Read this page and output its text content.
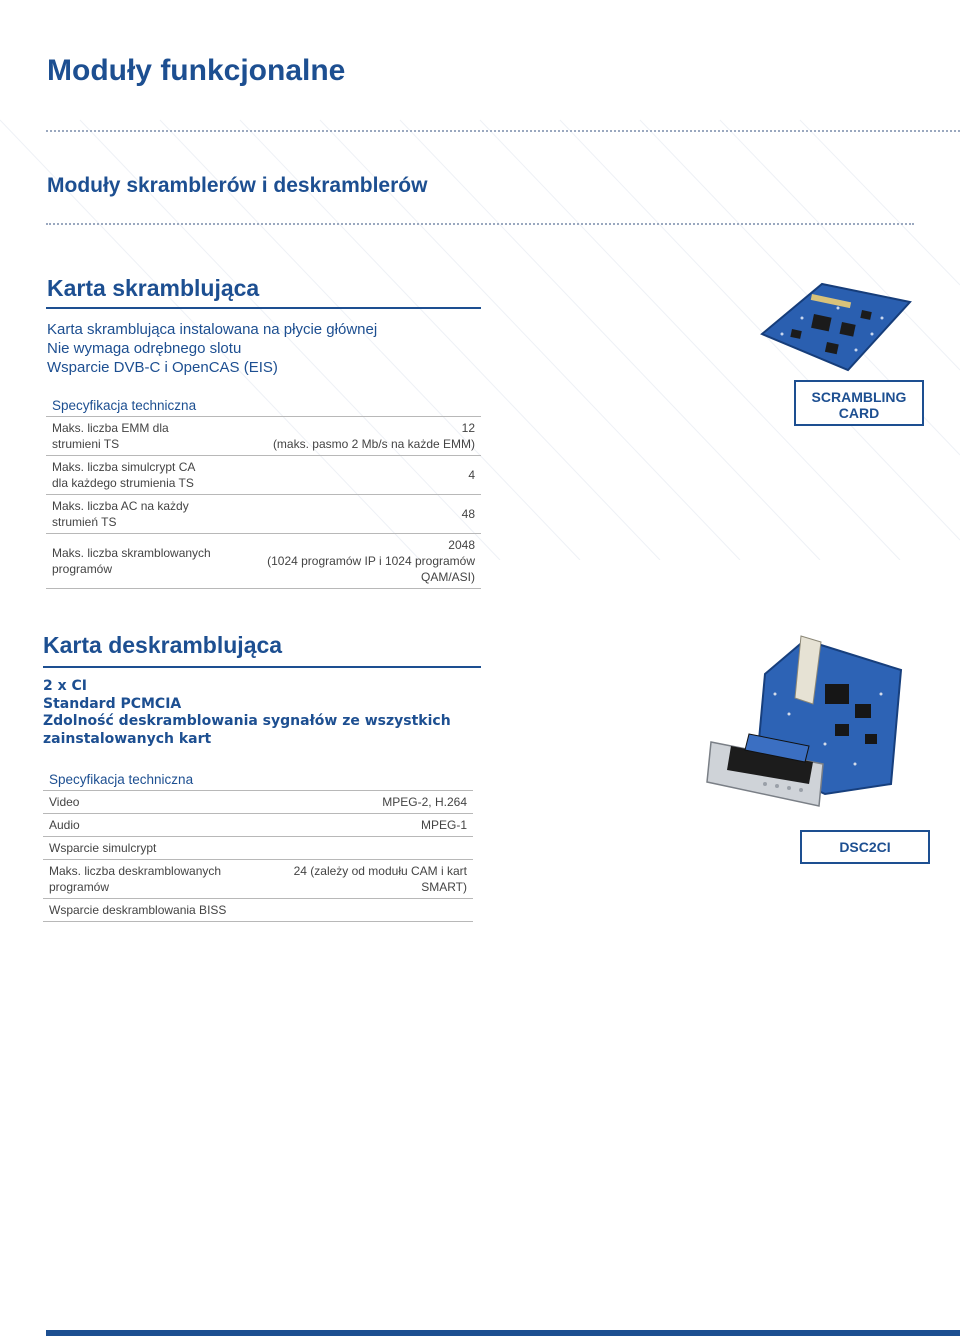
Moduły funkcjonalne
Moduły skramblerów i deskramblerów
Karta skramblująca
Karta skramblująca instalowana na płycie głównej
Nie wymaga odrębnego slotu
Wsparcie DVB-C i OpenCAS (EIS)
Specyfikacja techniczna	
Maks. liczba EMM dla strumieni TS	12
(maks. pasmo 2 Mb/s na każde EMM)

Maks. liczba simulcrypt CA dla każdego strumienia TS	4

Maks. liczba AC na każdy strumień TS	48

Maks. liczba skramblowanych programów	2048
(1024 programów IP i 1024 programów QAM/ASI)
SCRAMBLING CARD
Karta deskramblująca
2 x CI
Standard PCMCIA
Zdolność deskramblowania sygnałów ze wszystkich
zainstalowanych kart
Specyfikacja techniczna	
Video	MPEG-2, H.264

Audio	MPEG-1

Wsparcie simulcrypt	

Maks. liczba deskramblowanych programów	24 (zależy od modułu CAM i kart
SMART)

Wsparcie deskramblowania BISS	
DSC2CI
